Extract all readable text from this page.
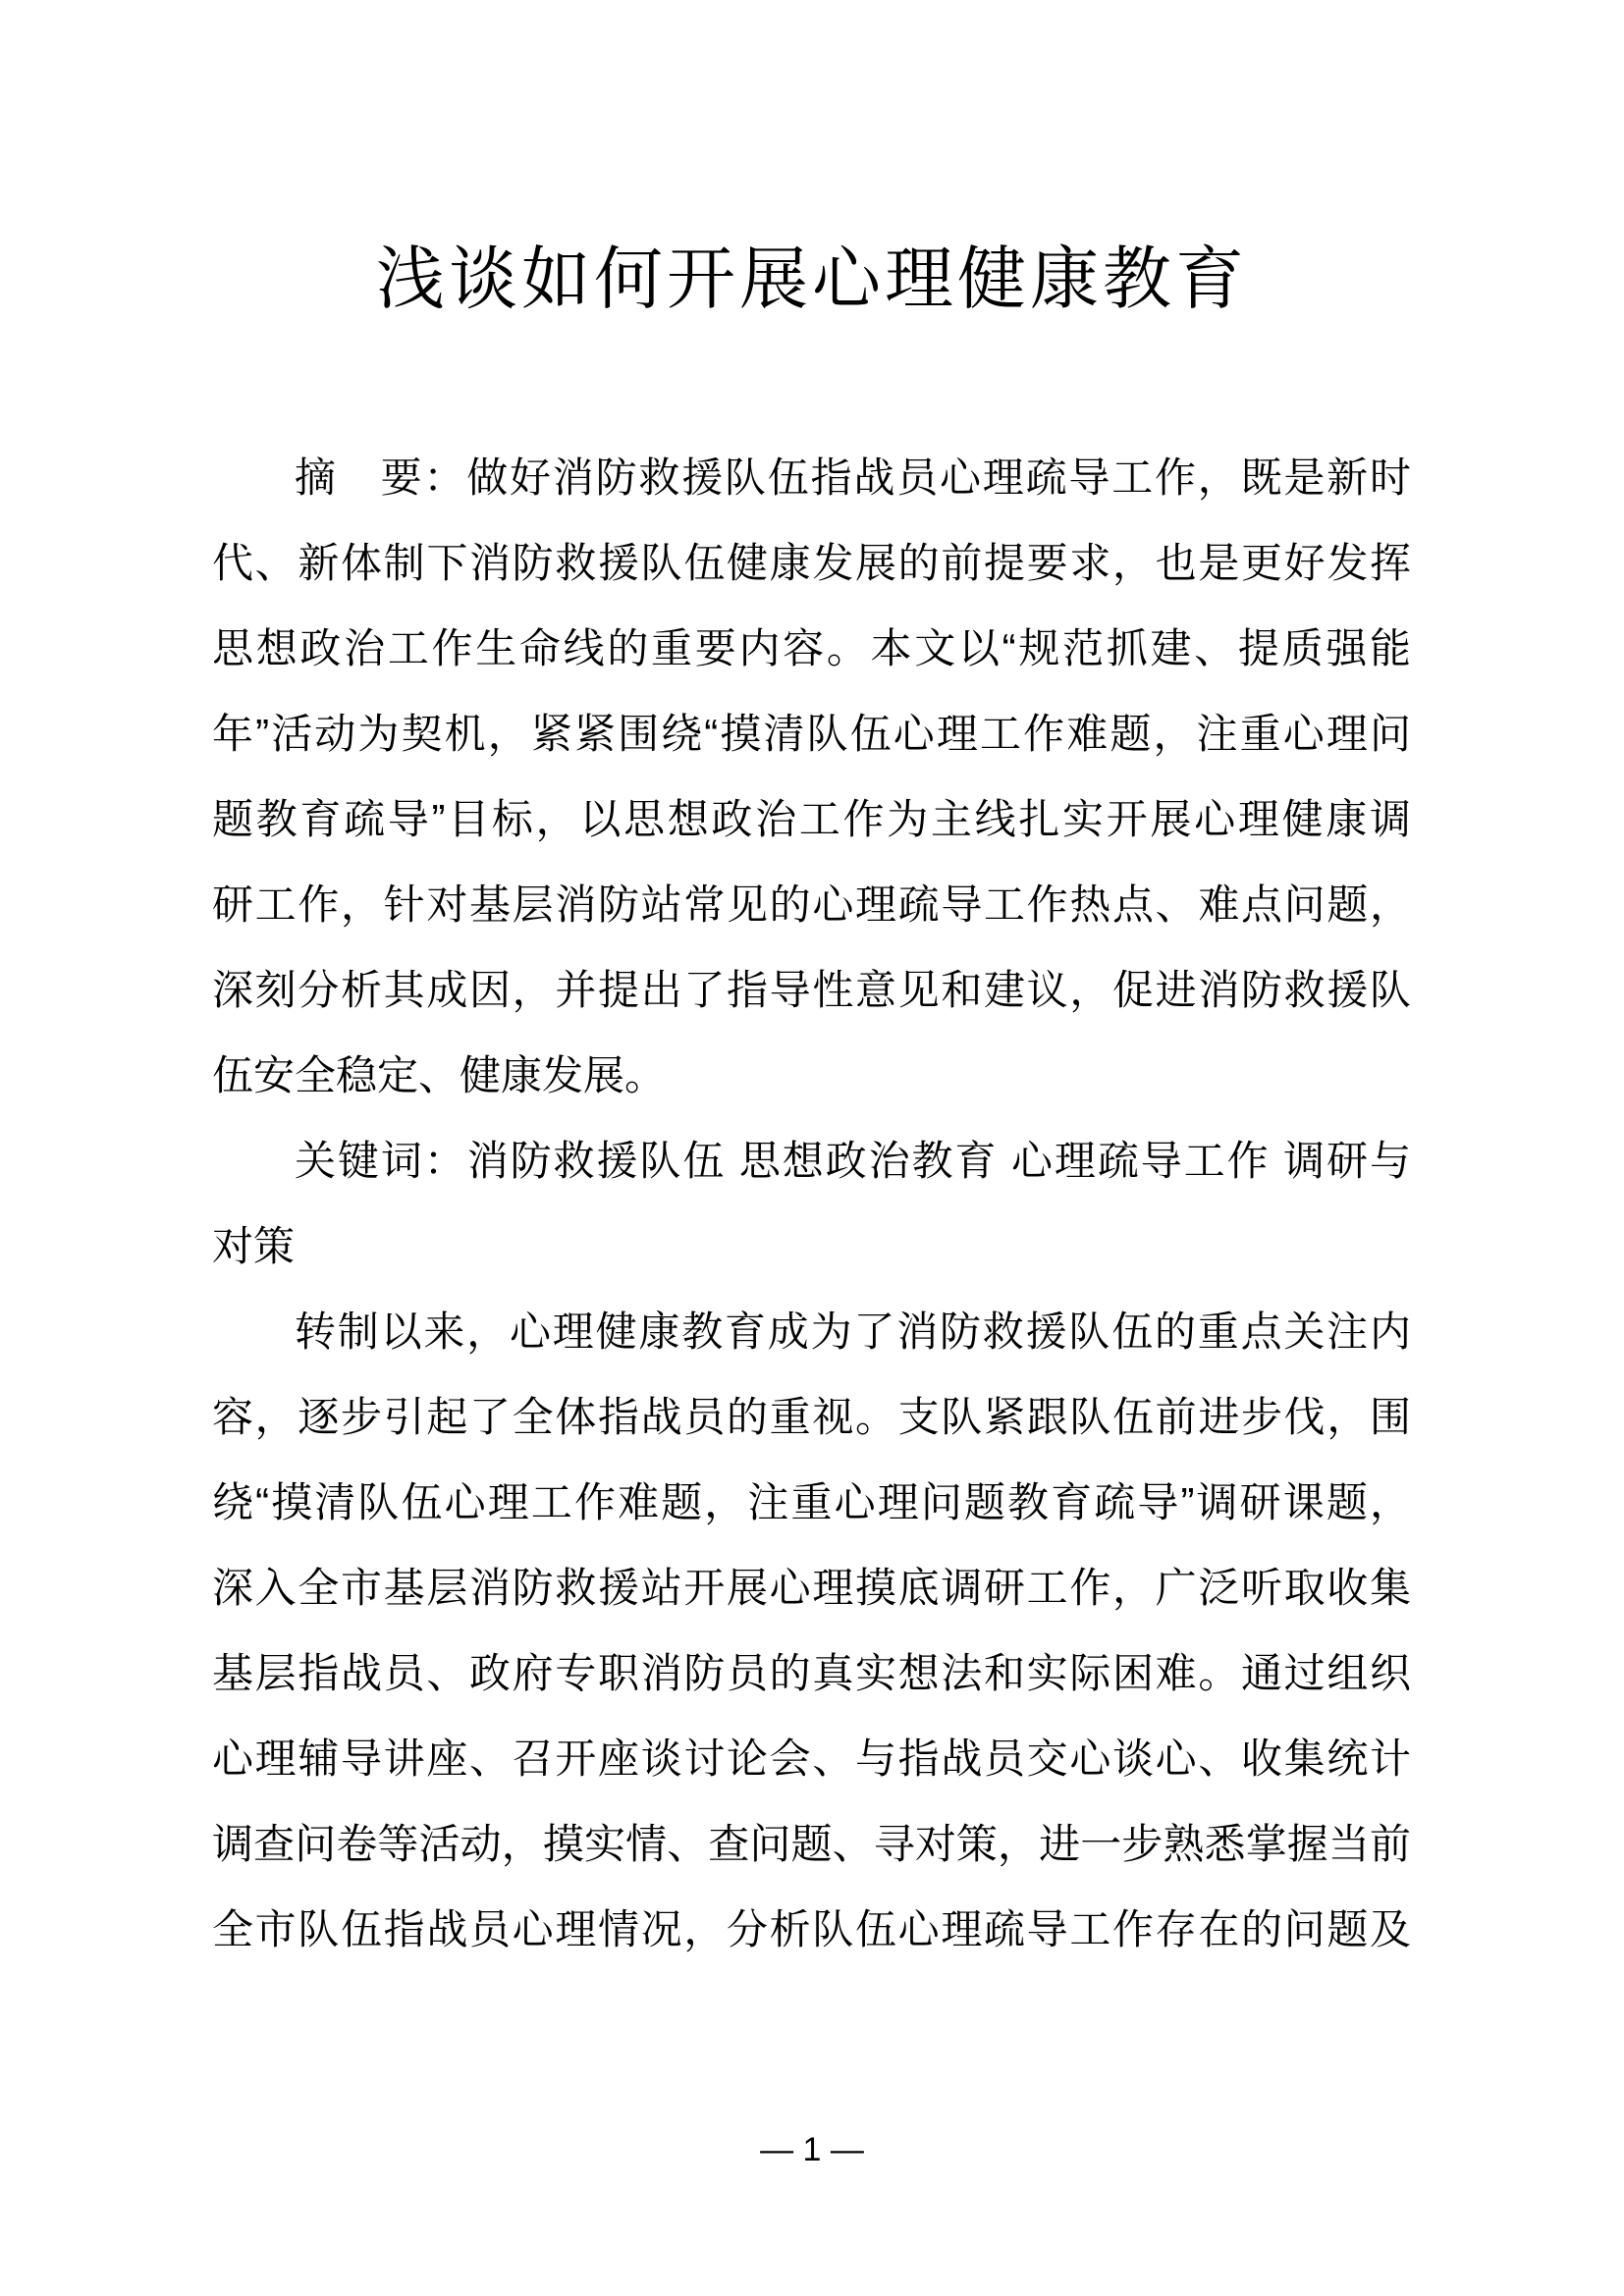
浅谈如何开展心理健康教育
摘　要：做好消防救援队伍指战员心理疏导工作，既是新时
代、新体制下消防救援队伍健康发展的前提要求，也是更好发挥
思想政治工作生命线的重要内容。本文以“规范抓建、提质强能
年”活动为契机，紧紧围绕“摸清队伍心理工作难题，注重心理问
题教育疏导”目标，以思想政治工作为主线扎实开展心理健康调
研工作，针对基层消防站常见的心理疏导工作热点、难点问题，
深刻分析其成因，并提出了指导性意见和建议，促进消防救援队
伍安全稳定、健康发展。
关键词：消防救援队伍 思想政治教育 心理疏导工作 调研与
对策
转制以来，心理健康教育成为了消防救援队伍的重点关注内
容，逐步引起了全体指战员的重视。支队紧跟队伍前进步伐，围
绕“摸清队伍心理工作难题，注重心理问题教育疏导”调研课题，
深入全市基层消防救援站开展心理摸底调研工作，广泛听取收集
基层指战员、政府专职消防员的真实想法和实际困难。通过组织
心理辅导讲座、召开座谈讨论会、与指战员交心谈心、收集统计
调查问卷等活动，摸实情、查问题、寻对策，进一步熟悉掌握当前
全市队伍指战员心理情况，分析队伍心理疏导工作存在的问题及
— 1 —
